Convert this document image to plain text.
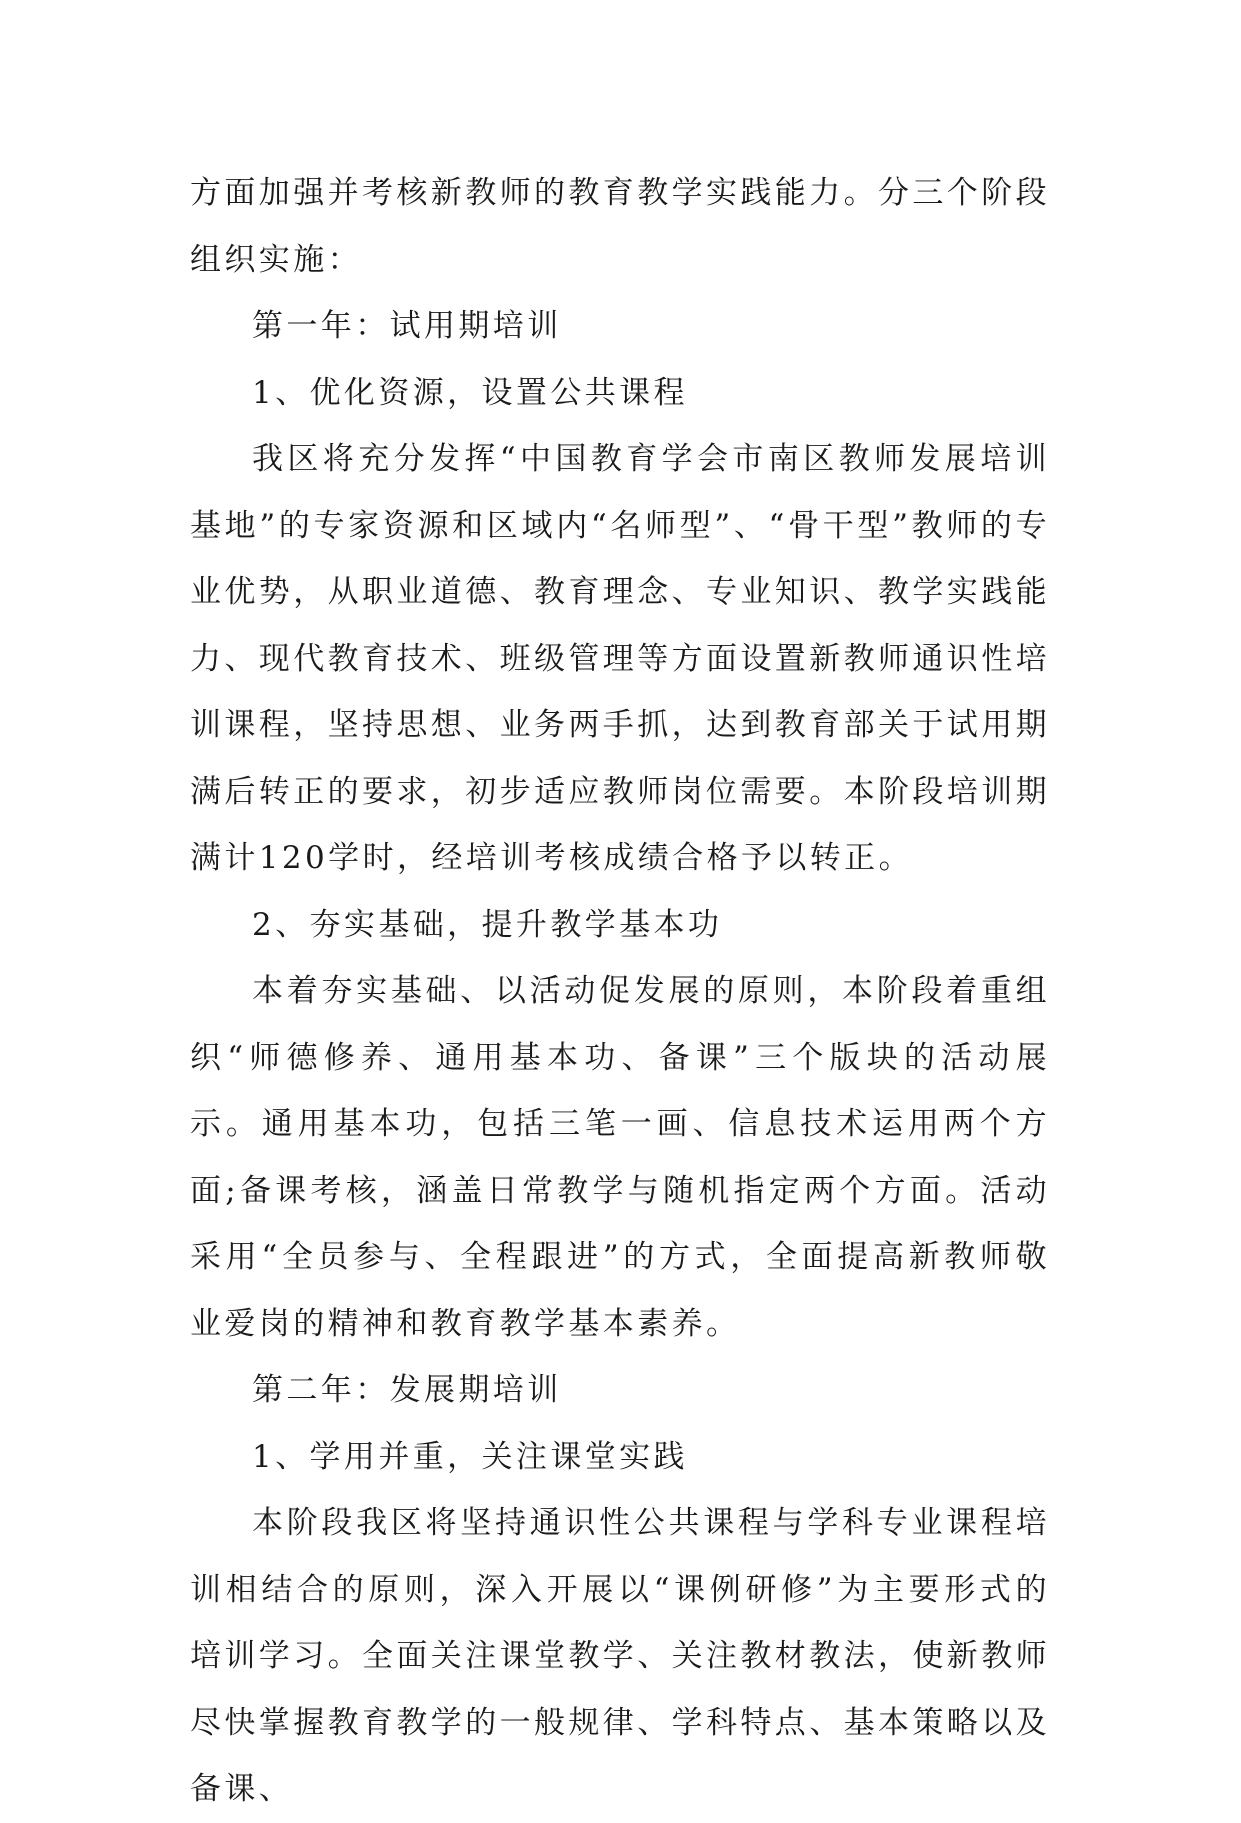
方面加强并考核新教师的教育教学实践能力。分三个阶段组织实施：

第一年：试用期培训

1、优化资源，设置公共课程

我区将充分发挥“中国教育学会市南区教师发展培训基地”的专家资源和区域内“名师型”、“骨干型”教师的专业优势，从职业道德、教育理念、专业知识、教学实践能力、现代教育技术、班级管理等方面设置新教师通识性培训课程，坚持思想、业务两手抓，达到教育部关于试用期满后转正的要求，初步适应教师岗位需要。本阶段培训期满计120学时，经培训考核成绩合格予以转正。

2、夯实基础，提升教学基本功

本着夯实基础、以活动促发展的原则，本阶段着重组织“师德修养、通用基本功、备课”三个版块的活动展示。通用基本功，包括三笔一画、信息技术运用两个方面;备课考核，涵盖日常教学与随机指定两个方面。活动采用“全员参与、全程跟进”的方式，全面提高新教师敬业爱岗的精神和教育教学基本素养。

第二年：发展期培训

1、学用并重，关注课堂实践

本阶段我区将坚持通识性公共课程与学科专业课程培训相结合的原则，深入开展以“课例研修”为主要形式的培训学习。全面关注课堂教学、关注教材教法，使新教师尽快掌握教育教学的一般规律、学科特点、基本策略以及备课、
